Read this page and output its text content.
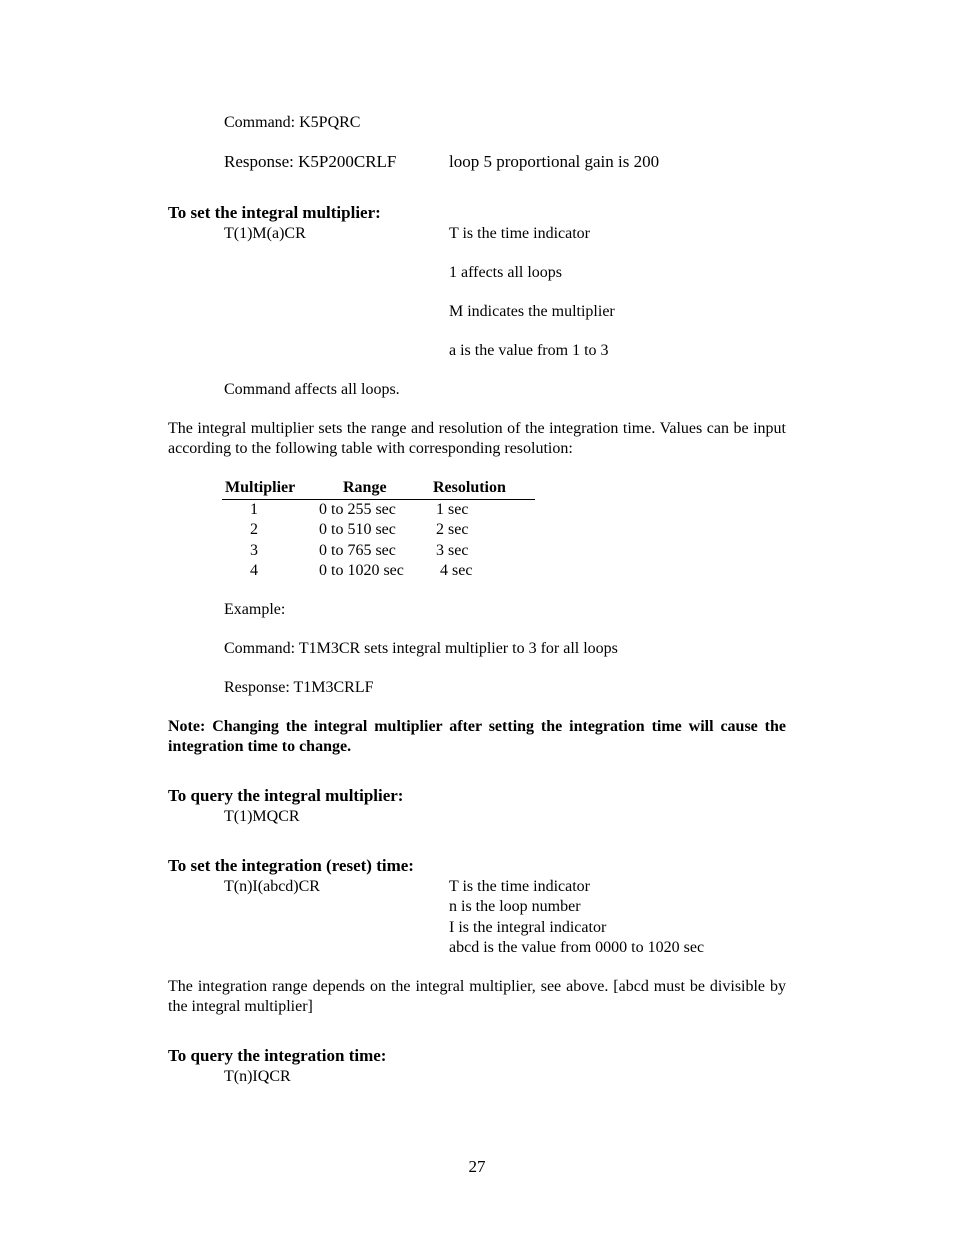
Command: K5PQRC
Response: K5P200CRLF	loop 5 proportional gain is 200
To set the integral multiplier:
T(1)M(a)CR	T is the time indicator
1 affects all loops
M indicates the multiplier
a is the value from 1 to 3
Command affects all loops.
The integral multiplier sets the range and resolution of the integration time. Values can be input according to the following table with corresponding resolution:
Multiplier	Range	Resolution
1	0 to 255 sec	1 sec
2	0 to 510 sec	2 sec
3	0 to 765 sec	3 sec
4	0 to 1020 sec 4 sec
Example:
Command: T1M3CR sets integral multiplier to 3 for all loops
Response: T1M3CRLF
Note: Changing the integral multiplier after setting the integration time will cause the integration time to change.
To query the integral multiplier:
T(1)MQCR
To set the integration (reset) time:
T(n)I(abcd)CR	T is the time indicator
n is the loop number
I is the integral indicator
abcd is the value from 0000 to 1020 sec
The integration range depends on the integral multiplier, see above. [abcd must be divisible by the integral multiplier]
To query the integration time:
T(n)IQCR
27
